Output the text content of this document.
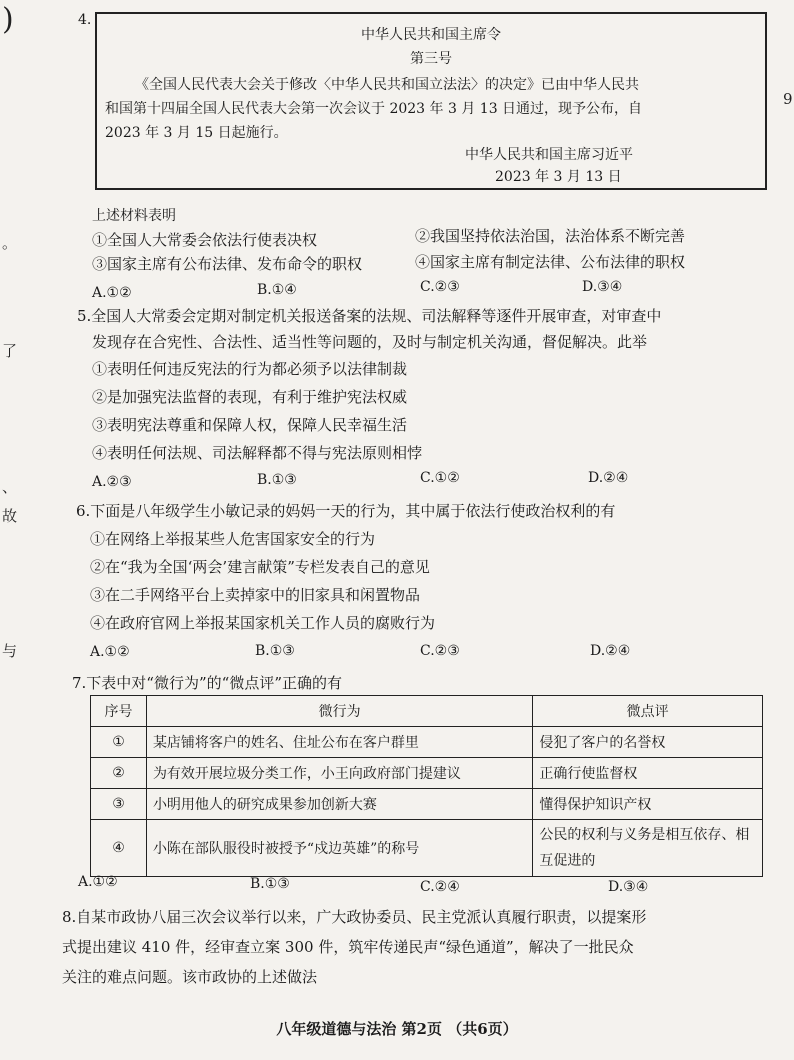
)
。
了
、
故
与
9
4.
中华人民共和国主席令
第三号
《全国人民代表大会关于修改〈中华人民共和国立法法〉的决定》已由中华人民共
和国第十四届全国人民代表大会第一次会议于 2023 年 3 月 13 日通过，现予公布，自
2023 年 3 月 15 日起施行。
中华人民共和国主席习近平
2023 年 3 月 13 日
上述材料表明
①全国人大常委会依法行使表决权	②我国坚持依法治国，法治体系不断完善
③国家主席有公布法律、发布命令的职权	④国家主席有制定法律、公布法律的职权
A.①②	B.①④	C.②③	D.③④
5.全国人大常委会定期对制定机关报送备案的法规、司法解释等逐件开展审查，对审查中
发现存在合宪性、合法性、适当性等问题的，及时与制定机关沟通，督促解决。此举
①表明任何违反宪法的行为都必须予以法律制裁
②是加强宪法监督的表现，有利于维护宪法权威
③表明宪法尊重和保障人权，保障人民幸福生活
④表明任何法规、司法解释都不得与宪法原则相悖
A.②③	B.①③	C.①②	D.②④
6.下面是八年级学生小敏记录的妈妈一天的行为，其中属于依法行使政治权利的有
①在网络上举报某些人危害国家安全的行为
②在“我为全国‘两会’建言献策”专栏发表自己的意见
③在二手网络平台上卖掉家中的旧家具和闲置物品
④在政府官网上举报某国家机关工作人员的腐败行为
A.①②	B.①③	C.②③	D.②④
7.下表中对“微行为”的“微点评”正确的有
序号	微行为	微点评
①	某店铺将客户的姓名、住址公布在客户群里	侵犯了客户的名誉权
②	为有效开展垃圾分类工作，小王向政府部门提建议	正确行使监督权
③	小明用他人的研究成果参加创新大赛	懂得保护知识产权
④	小陈在部队服役时被授予“戍边英雄”的称号	公民的权利与义务是相互依存、相互促进的
A.①②	B.①③	C.②④	D.③④
8.自某市政协八届三次会议举行以来，广大政协委员、民主党派认真履行职责，以提案形
式提出建议 410 件，经审查立案 300 件，筑牢传递民声“绿色通道”，解决了一批民众
关注的难点问题。该市政协的上述做法
八年级道德与法治 第2页 （共6页）
